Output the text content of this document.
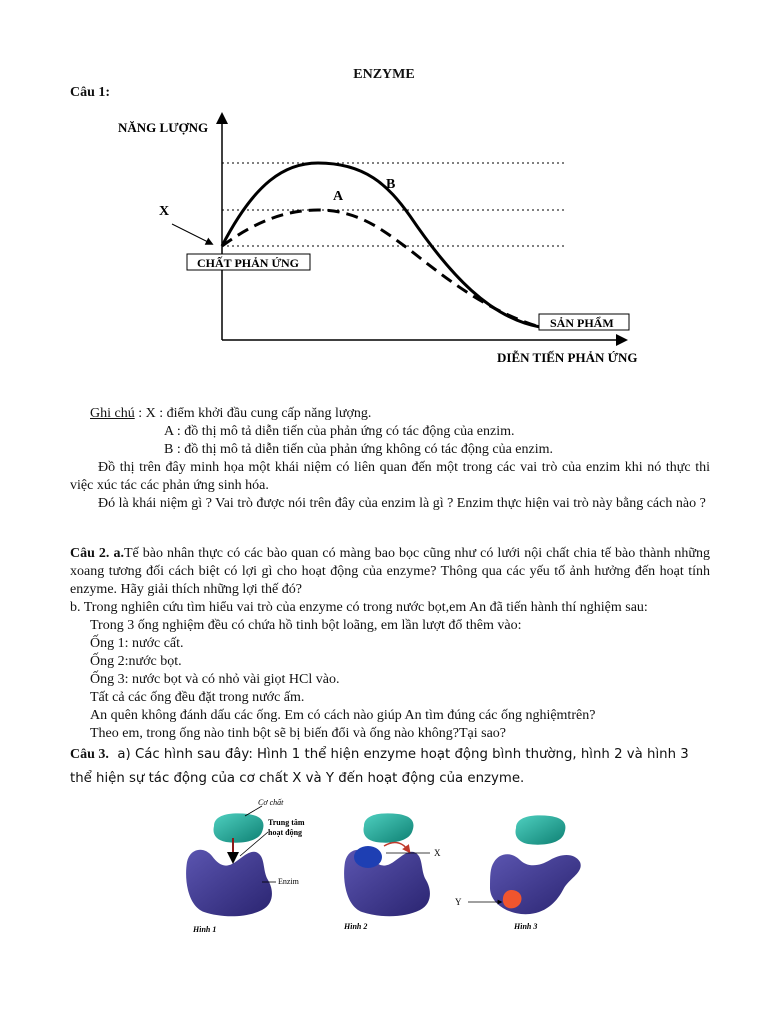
ENZYME
Câu 1:
NĂNG LƯỢNG
DIỄN TIẾN PHẢN ỨNG
CHẤT PHẢN ỨNG
SẢN PHẨM
X
A
B

Ghi chú : X : điểm khởi đầu cung cấp năng lượng.

A : đồ thị mô tả diễn tiến của phản ứng có tác động của enzim.

B : đồ thị mô tả diễn tiến của phản ứng không có tác động của enzim.

Đồ thị trên đây minh họa một khái niệm có liên quan đến một trong các vai trò của enzim khi nó thực thi việc xúc tác các phản ứng sinh hóa.

Đó là khái niệm gì ? Vai trò được nói trên đây của enzim là gì ? Enzim thực hiện vai trò này bằng cách nào ?

Câu 2. a.Tế bào nhân thực có các bào quan có màng bao bọc cũng như có lưới nội chất chia tế bào thành những xoang tương đối cách biệt có lợi gì cho hoạt động của enzyme? Thông qua các yếu tố ảnh hưởng đến hoạt tính enzyme. Hãy giải thích những lợi thế đó?

b. Trong nghiên cứu tìm hiểu vai trò của enzyme có trong nước bọt,em An đã tiến hành thí nghiệm sau:

Trong 3 ống nghiệm đều có chứa hồ tinh bột loãng, em lần lượt đổ thêm vào:

Ống 1: nước cất.

Ống 2:nước bọt.

Ống 3: nước bọt và có nhỏ vài giọt HCl vào.

Tất cả các ống đều đặt trong nước ấm.

An quên không đánh dấu các ống. Em có cách nào giúp An tìm đúng các ống nghiệmtrên?

Theo em, trong ống nào tinh bột sẽ bị biến đổi và ống nào không?Tại sao?

Câu 3. a) Các hình sau đây: Hình 1 thể hiện enzyme hoạt động bình thường, hình 2 và hình 3 thể hiện sự tác động của cơ chất X và Y đến hoạt động của enzyme.

Cơ chất
Trung tâm
hoạt động
Enzim
Hình 1
X
Hình 2
Y
Hình 3
